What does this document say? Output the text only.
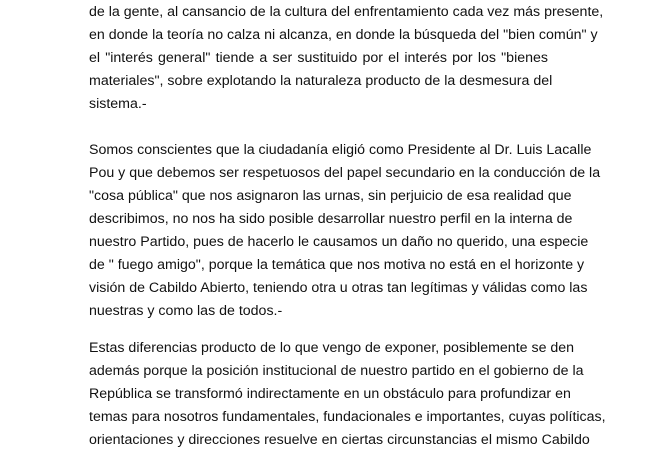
de la gente, al cansancio de la cultura del enfrentamiento cada vez más presente,
en donde la teoría no calza ni alcanza, en donde la búsqueda del "bien común" y
el "interés general" tiende a ser sustituido por el interés por los "bienes
materiales", sobre explotando la naturaleza producto de la desmesura del
sistema.-
Somos conscientes que la ciudadanía eligió como Presidente al Dr. Luis Lacalle
Pou y que debemos ser respetuosos del papel secundario en la conducción de la
"cosa pública" que nos asignaron las urnas, sin perjuicio de esa realidad que
describimos, no nos ha sido posible desarrollar nuestro perfil en la interna de
nuestro Partido, pues de hacerlo le causamos un daño no querido, una especie
de " fuego amigo", porque la temática que nos motiva no está en el horizonte y
visión de Cabildo Abierto, teniendo otra u otras tan legítimas y válidas como las
nuestras y como las de todos.-
Estas diferencias producto de lo que vengo de exponer, posiblemente se den
además porque la posición institucional de nuestro partido en el gobierno de la
República se transformó indirectamente en un obstáculo para profundizar en
temas para nosotros fundamentales, fundacionales e importantes, cuyas políticas,
orientaciones y direcciones resuelve en ciertas circunstancias el mismo Cabildo
